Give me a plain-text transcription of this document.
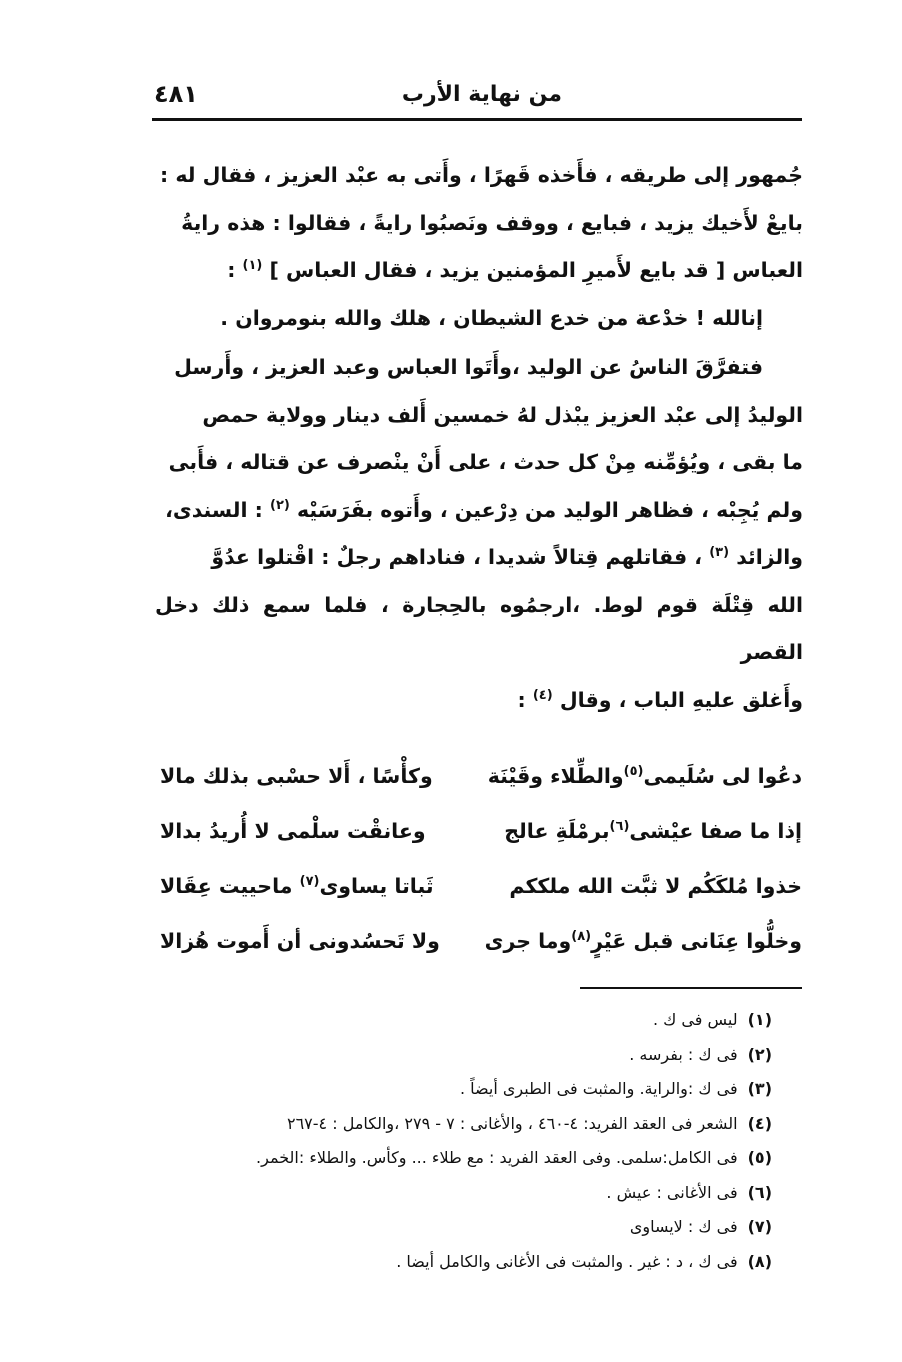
من نهاية الأرب
٤٨١

جُمهور إلى طريقه ، فأَخذه قَهرًا ، وأَتى به عبْد العزيز ، فقال له :
بايعْ لأَخيك يزيد ، فبايع ، ووقف ونَصبُوا رايةً ، فقالوا : هذه رايةُ
العباس [ قد بايع لأَميرِ المؤمنين يزيد ، فقال العباس ] $^{(١)}$ :

إنالله ! خدْعة من خدع الشيطان ، هلك والله بنومروان .

فتفرَّقَ الناسُ عن الوليد ،وأَتَوا العباس وعبد العزيز ، وأَرسل

الوليدُ إلى عبْد العزيز يبْذل لهُ خمسين أَلف دينار وولاية حمص
ما بقى ، ويُؤمِّنه مِنْ كل حدث ، على أَنْ ينْصرف عن قتاله ، فأَبى
ولم يُجِبْه ، فظاهر الوليد من دِرْعين ، وأَتوه بفَرَسَيْه $^{(٢)}$ : السندى،
والزائد $^{(٣)}$ ، فقاتلهم قِتالاً شديدا ، فناداهم رجلٌ : اقْتلوا عدُوَّ
الله قِتْلَة قوم لوط. ،ارجمُوه بالحِجارة ، فلما سمع ذلك دخل القصر
وأَغلق عليهِ الباب ، وقال $^{(٤)}$ :

دعُوا لى سُلَيمى$^{(٥)}$والطِّلاء وقَيْنَة
وكأْسًا ، أَلا حسْبى بذلك مالا
إذا ما صفا عيْشى$^{(٦)}$برمْلَةِ عالج
وعانقْت سلْمى لا أُريدُ بدالا
خذوا مُلكَكُم لا ثبَّت الله ملككم
ثَباتا يساوى$^{(٧)}$ ماحييت عِقَالا
وخلُّوا عِنَانى قبل عَيْرٍ$^{(٨)}$وما جرى
ولا تَحسُدونى أن أَموت هُزالا
(١)ليس فى ك .
(٢)فى ك : بفرسه .
(٣)فى ك :والراية. والمثبت فى الطبرى أيضاً .
(٤)الشعر فى العقد الفريد: ٤-٤٦٠ ، والأغانى : ٧ - ٢٧٩ ،والكامل : ٤-٢٦٧
(٥)فى الكامل:سلمى. وفى العقد الفريد : مع طلاء ... وكأس. والطلاء :الخمر.
(٦)فى الأغانى : عيش .
(٧)فى ك : لايساوى
(٨)فى ك ، د : غير . والمثبت فى الأغانى والكامل أيضا .
